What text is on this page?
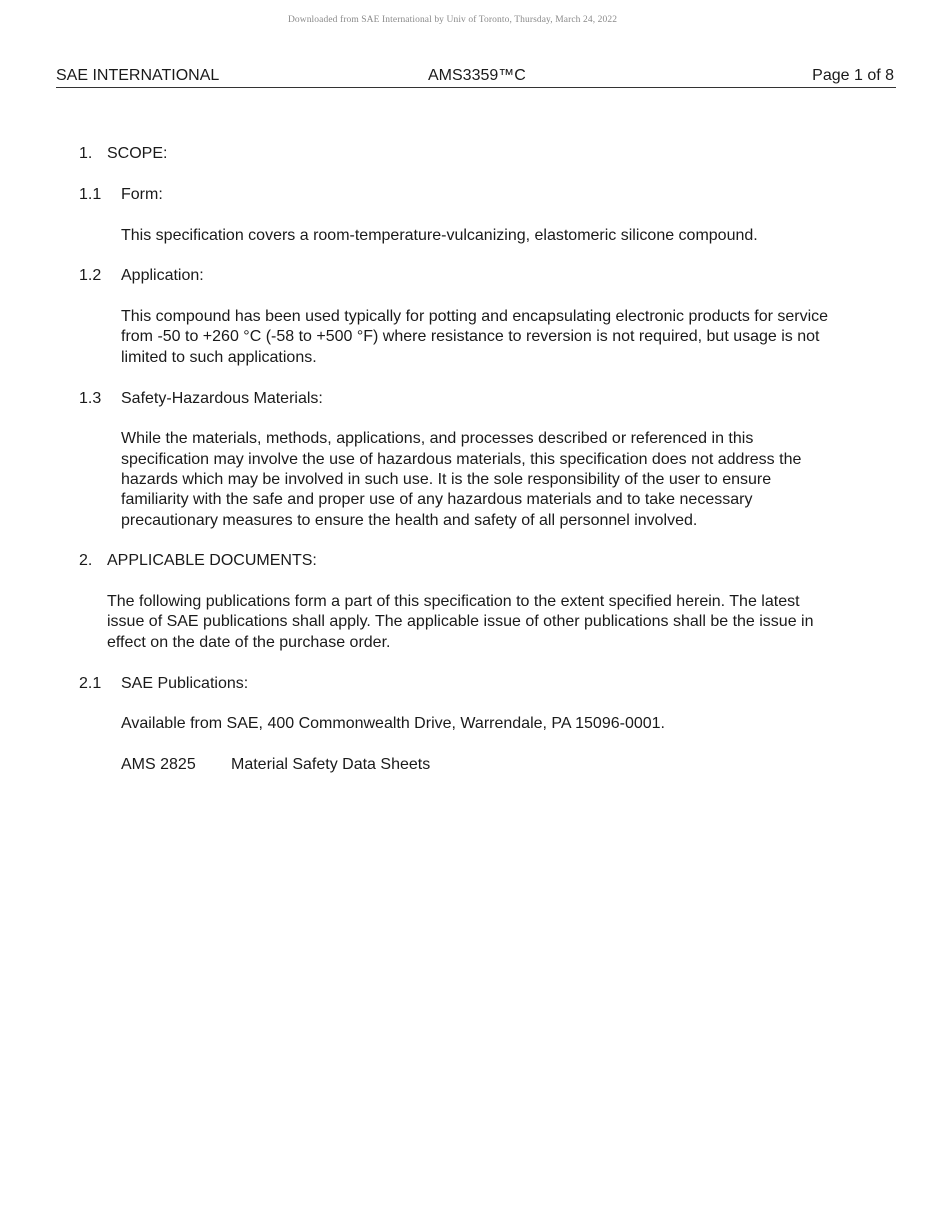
Downloaded from SAE International by Univ of Toronto, Thursday, March 24, 2022
SAE INTERNATIONAL	AMS3359™C	Page 1 of 8
1. SCOPE:
1.1 Form:
This specification covers a room-temperature-vulcanizing, elastomeric silicone compound.
1.2 Application:
This compound has been used typically for potting and encapsulating electronic products for service
from -50 to +260 °C (-58 to +500 °F) where resistance to reversion is not required, but usage is not
limited to such applications.
1.3 Safety-Hazardous Materials:
While the materials, methods, applications, and processes described or referenced in this
specification may involve the use of hazardous materials, this specification does not address the
hazards which may be involved in such use. It is the sole responsibility of the user to ensure
familiarity with the safe and proper use of any hazardous materials and to take necessary
precautionary measures to ensure the health and safety of all personnel involved.
2. APPLICABLE DOCUMENTS:
The following publications form a part of this specification to the extent specified herein. The latest
issue of SAE publications shall apply. The applicable issue of other publications shall be the issue in
effect on the date of the purchase order.
2.1 SAE Publications:
Available from SAE, 400 Commonwealth Drive, Warrendale, PA 15096-0001.
AMS 2825 Material Safety Data Sheets
